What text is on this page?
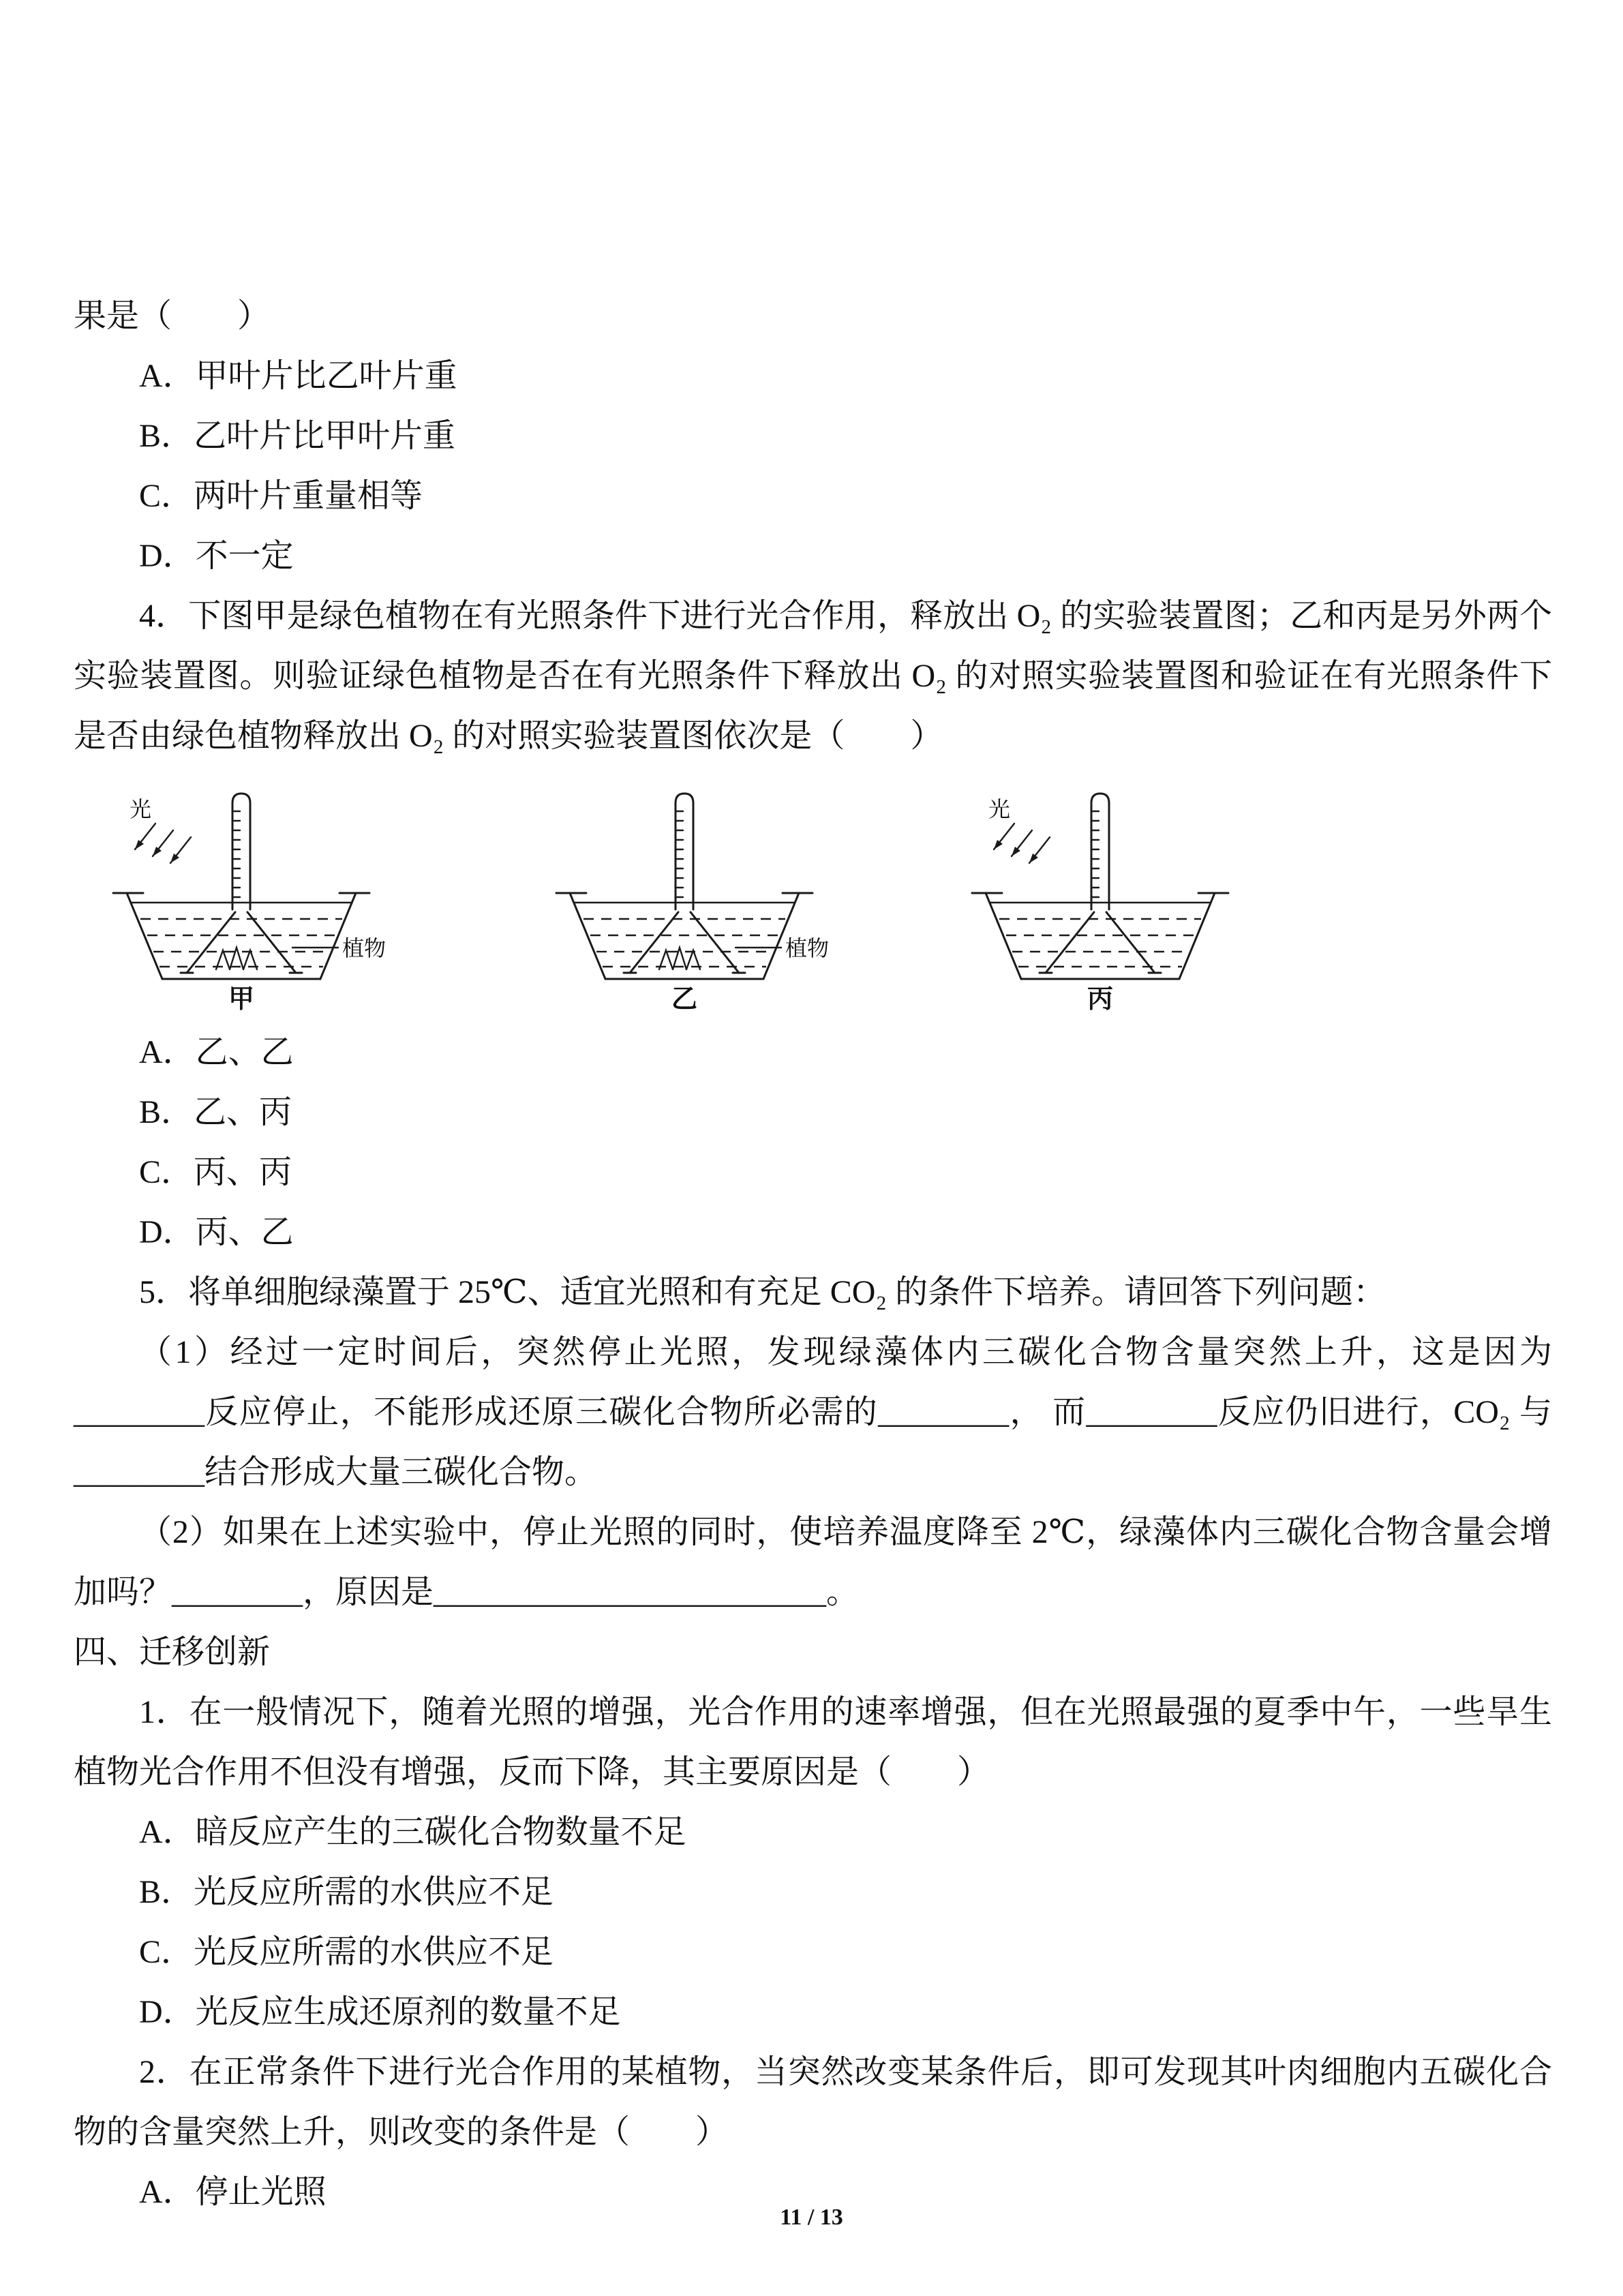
果是（　　）

A．甲叶片比乙叶片重

B．乙叶片比甲叶片重

C．两叶片重量相等

D．不一定

4．下图甲是绿色植物在有光照条件下进行光合作用，释放出 O₂ 的实验装置图；乙和丙是另外两个实验装置图。则验证绿色植物是否在有光照条件下释放出 O₂ 的对照实验装置图和验证在有光照条件下是否由绿色植物释放出 O₂ 的对照实验装置图依次是（　　）

光
植物
甲
植物
乙
光
丙

A．乙、乙

B．乙、丙

C．丙、丙

D．丙、乙

5．将单细胞绿藻置于 25℃、适宜光照和有充足 CO₂ 的条件下培养。请回答下列问题：

（1）经过一定时间后，突然停止光照，发现绿藻体内三碳化合物含量突然上升，这是因为________反应停止，不能形成还原三碳化合物所必需的________， 而________反应仍旧进行，CO₂ 与________结合形成大量三碳化合物。

（2）如果在上述实验中，停止光照的同时，使培养温度降至 2℃，绿藻体内三碳化合物含量会增加吗？________，原因是________________________。

四、迁移创新

1．在一般情况下，随着光照的增强，光合作用的速率增强，但在光照最强的夏季中午，一些旱生植物光合作用不但没有增强，反而下降，其主要原因是（　　）

A．暗反应产生的三碳化合物数量不足

B．光反应所需的水供应不足

C．光反应所需的水供应不足

D．光反应生成还原剂的数量不足

2．在正常条件下进行光合作用的某植物，当突然改变某条件后，即可发现其叶肉细胞内五碳化合物的含量突然上升，则改变的条件是（　　）

A．停止光照

11 / 13
